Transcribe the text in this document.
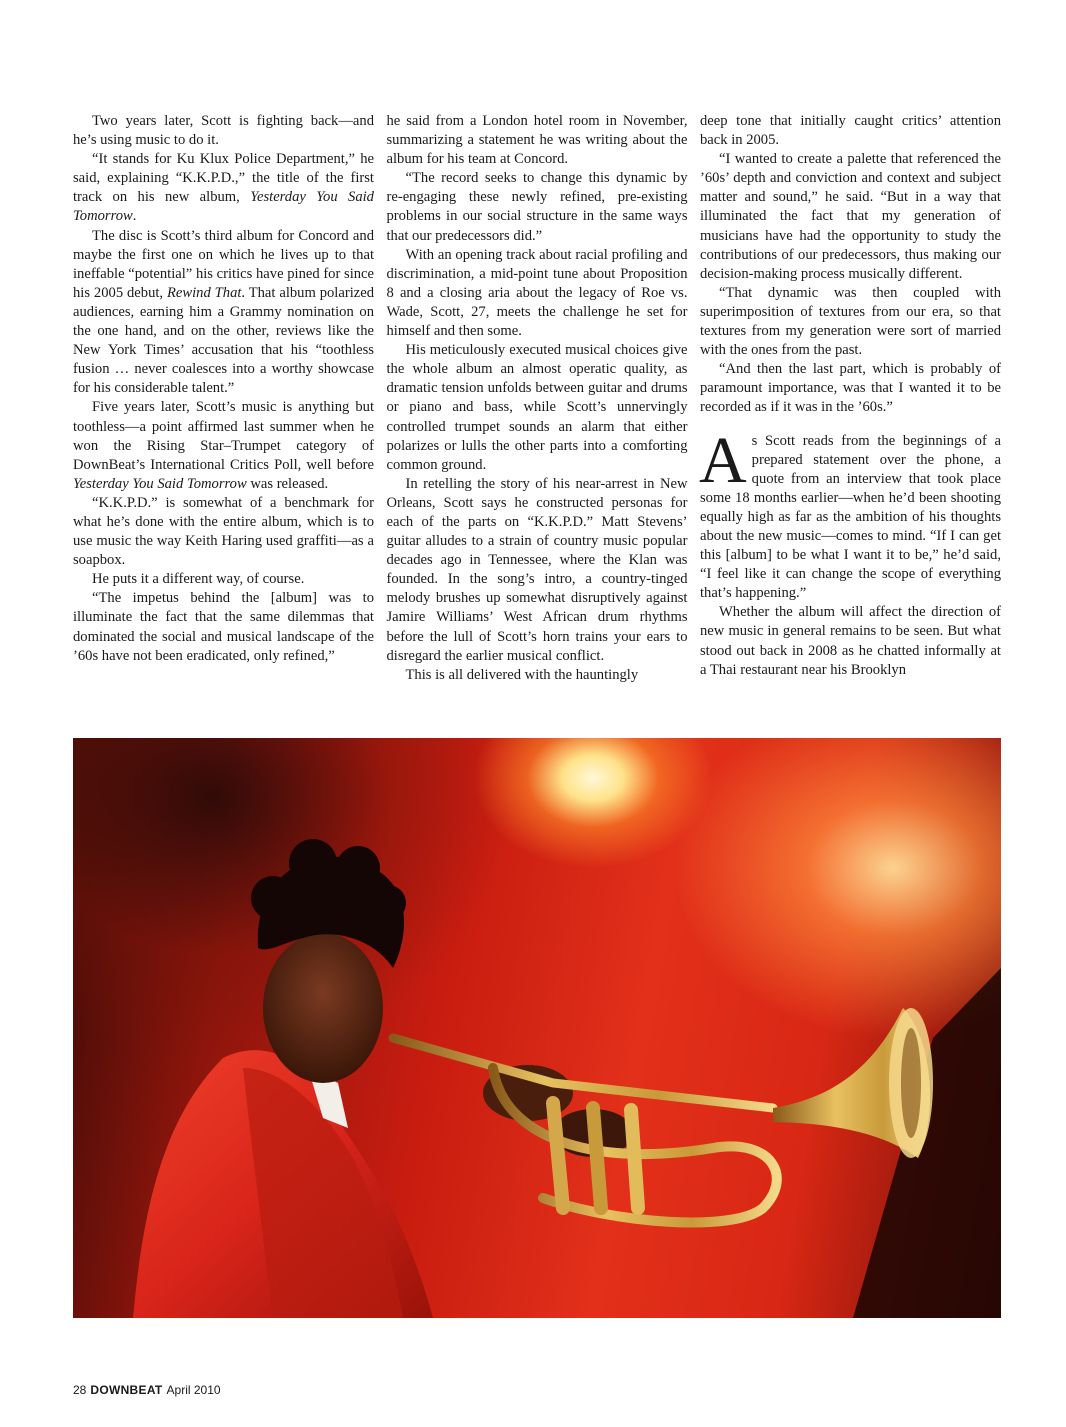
Two years later, Scott is fighting back—and he’s using music to do it.

“It stands for Ku Klux Police Department,” he said, explaining “K.K.P.D.,” the title of the first track on his new album, Yesterday You Said Tomorrow.

The disc is Scott’s third album for Concord and maybe the first one on which he lives up to that ineffable “potential” his critics have pined for since his 2005 debut, Rewind That. That album polarized audiences, earning him a Grammy nomination on the one hand, and on the other, reviews like the New York Times’ accusation that his “toothless fusion … never coalesces into a worthy showcase for his considerable talent.”

Five years later, Scott’s music is anything but toothless—a point affirmed last summer when he won the Rising Star–Trumpet category of DownBeat’s International Critics Poll, well before Yesterday You Said Tomorrow was released.

“K.K.P.D.” is somewhat of a benchmark for what he’s done with the entire album, which is to use music the way Keith Haring used graffiti—as a soapbox.

He puts it a different way, of course.

“The impetus behind the [album] was to illuminate the fact that the same dilemmas that dominated the social and musical landscape of the ’60s have not been eradicated, only refined,”

he said from a London hotel room in November, summarizing a statement he was writing about the album for his team at Concord.

“The record seeks to change this dynamic by re-engaging these newly refined, pre-existing problems in our social structure in the same ways that our predecessors did.”

With an opening track about racial profiling and discrimination, a mid-point tune about Proposition 8 and a closing aria about the legacy of Roe vs. Wade, Scott, 27, meets the challenge he set for himself and then some.

His meticulously executed musical choices give the whole album an almost operatic quality, as dramatic tension unfolds between guitar and drums or piano and bass, while Scott’s unnervingly controlled trumpet sounds an alarm that either polarizes or lulls the other parts into a comforting common ground.

In retelling the story of his near-arrest in New Orleans, Scott says he constructed personas for each of the parts on “K.K.P.D.” Matt Stevens’ guitar alludes to a strain of country music popular decades ago in Tennessee, where the Klan was founded. In the song’s intro, a country-tinged melody brushes up somewhat disruptively against Jamire Williams’ West African drum rhythms before the lull of Scott’s horn trains your ears to disregard the earlier musical conflict.

This is all delivered with the hauntingly

deep tone that initially caught critics’ attention back in 2005.

“I wanted to create a palette that referenced the ’60s’ depth and conviction and context and subject matter and sound,” he said. “But in a way that illuminated the fact that my generation of musicians have had the opportunity to study the contributions of our predecessors, thus making our decision-making process musically different.

“That dynamic was then coupled with superimposition of textures from our era, so that textures from my generation were sort of married with the ones from the past.

“And then the last part, which is probably of paramount importance, was that I wanted it to be recorded as if it was in the ’60s.”

As Scott reads from the beginnings of a prepared statement over the phone, a quote from an interview that took place some 18 months earlier—when he’d been shooting equally high as far as the ambition of his thoughts about the new music—comes to mind. “If I can get this [album] to be what I want it to be,” he’d said, “I feel like it can change the scope of everything that’s happening.”

Whether the album will affect the direction of new music in general remains to be seen. But what stood out back in 2008 as he chatted informally at a Thai restaurant near his Brooklyn

28 DOWNBEAT April 2010
